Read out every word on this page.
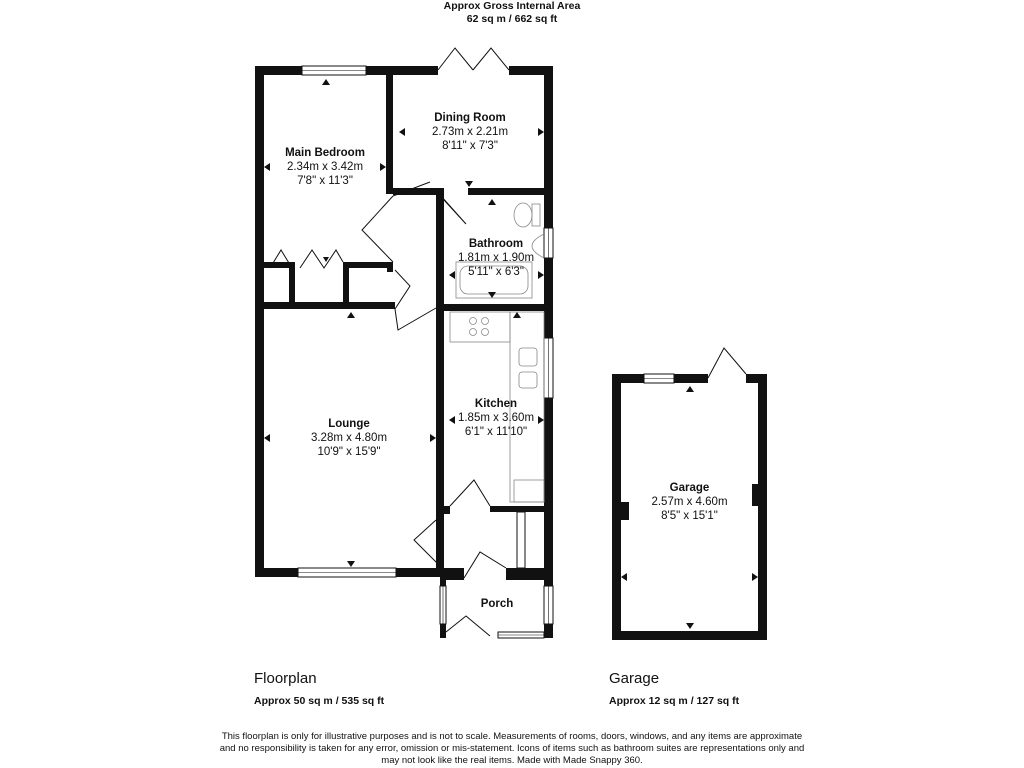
Approx Gross Internal Area
62 sq m / 662 sq ft
Main Bedroom
2.34m x 3.42m
7'8" x 11'3"
Dining Room
2.73m x 2.21m
8'11" x 7'3"
Bathroom
1.81m x 1.90m
5'11" x 6'3"
Kitchen
1.85m x 3.60m
6'1" x 11'10"
Lounge
3.28m x 4.80m
10'9" x 15'9"
Porch
Garage
2.57m x 4.60m
8'5" x 15'1"
Floorplan
Approx 50 sq m / 535 sq ft
Garage
Approx 12 sq m / 127 sq ft
This floorplan is only for illustrative purposes and is not to scale. Measurements of rooms, doors, windows, and any items are approximate
and no responsibility is taken for any error, omission or mis-statement. Icons of items such as bathroom suites are representations only and
may not look like the real items. Made with Made Snappy 360.
